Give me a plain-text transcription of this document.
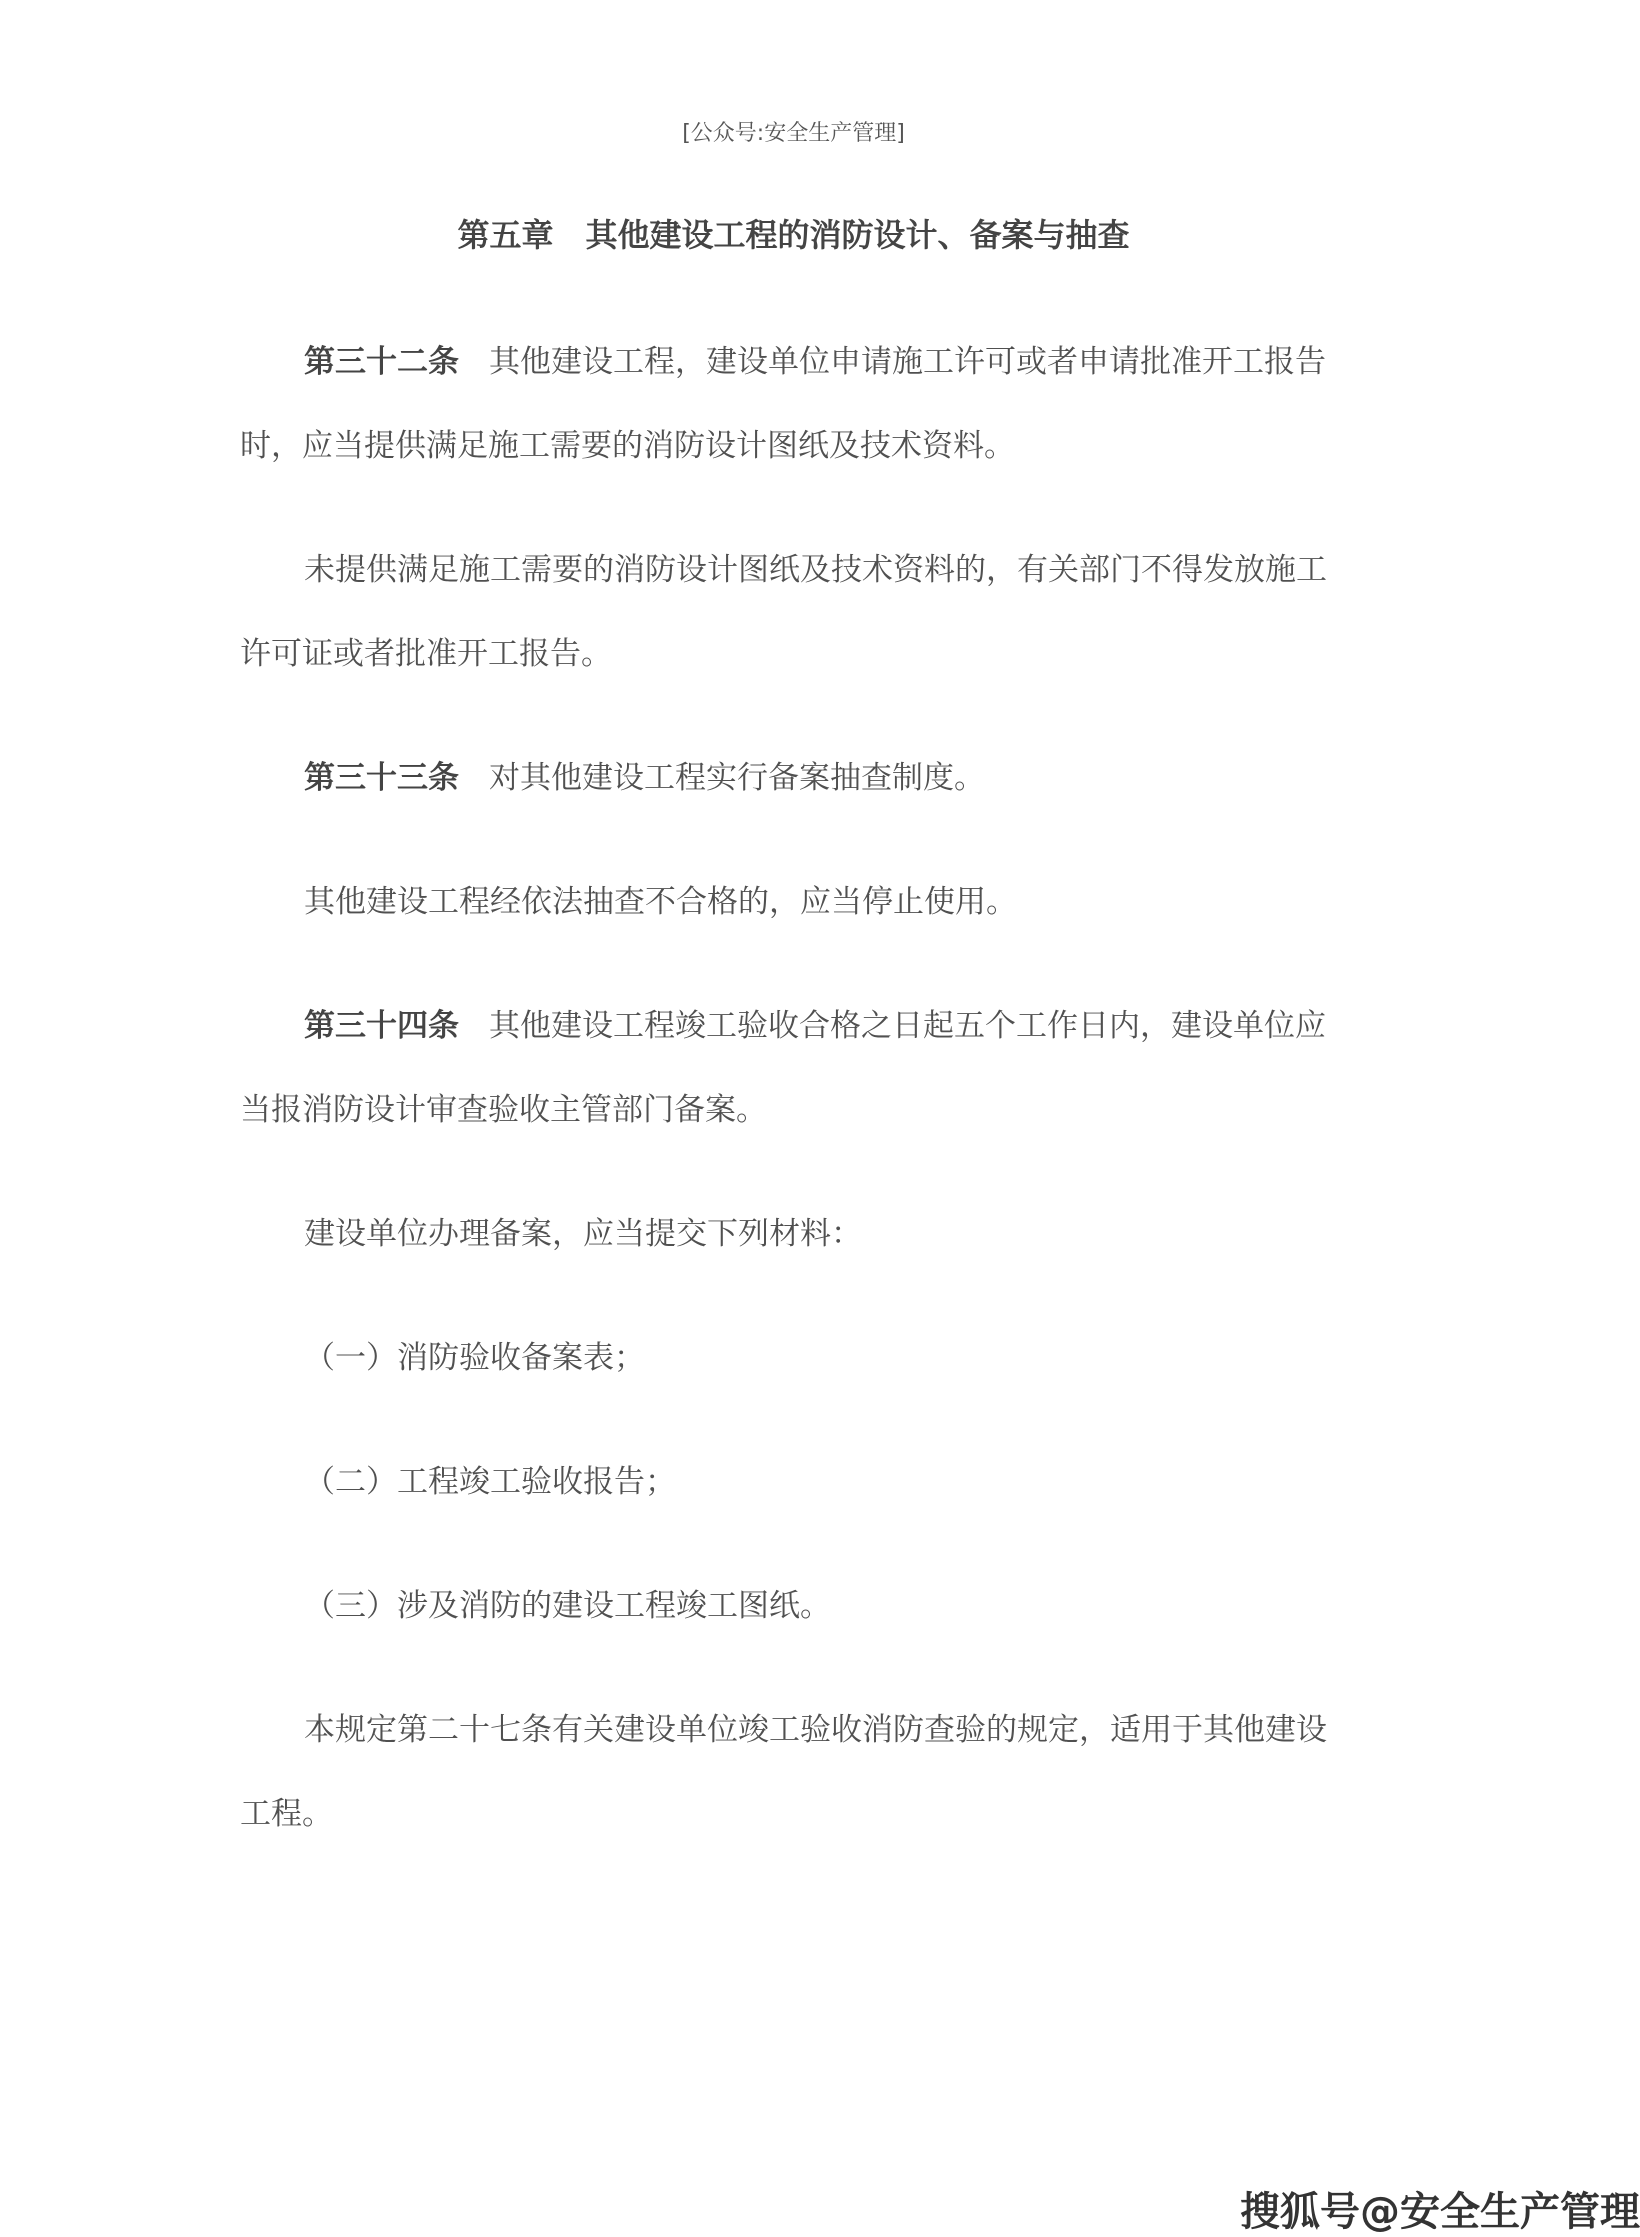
[公众号:安全生产管理]
第五章　其他建设工程的消防设计、备案与抽查

第三十二条 其他建设工程，建设单位申请施工许可或者申请批准开工报告时，应当提供满足施工需要的消防设计图纸及技术资料。

未提供满足施工需要的消防设计图纸及技术资料的，有关部门不得发放施工许可证或者批准开工报告。

第三十三条 对其他建设工程实行备案抽查制度。

其他建设工程经依法抽查不合格的，应当停止使用。

第三十四条 其他建设工程竣工验收合格之日起五个工作日内，建设单位应当报消防设计审查验收主管部门备案。

建设单位办理备案，应当提交下列材料：

（一）消防验收备案表；

（二）工程竣工验收报告；

（三）涉及消防的建设工程竣工图纸。

本规定第二十七条有关建设单位竣工验收消防查验的规定，适用于其他建设工程。

搜狐号@安全生产管理
